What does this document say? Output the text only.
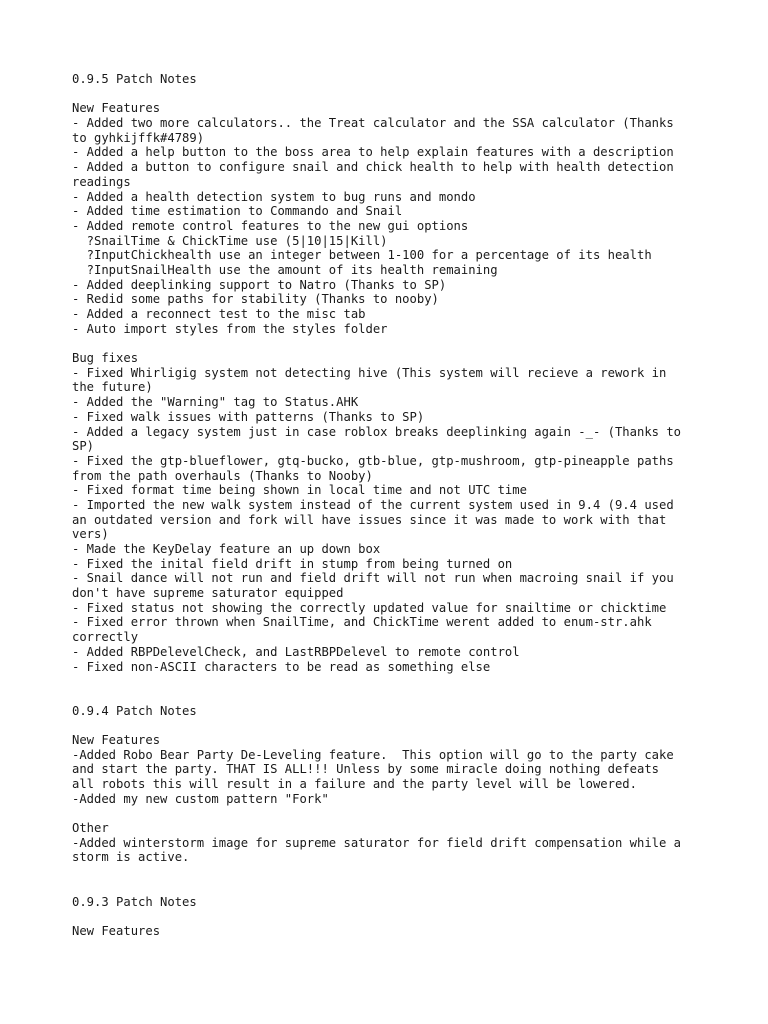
0.9.5 Patch Notes
New Features
- Added two more calculators.. the Treat calculator and the SSA calculator (Thanks
to gyhkijffk#4789)
- Added a help button to the boss area to help explain features with a description
- Added a button to configure snail and chick health to help with health detection
readings
- Added a health detection system to bug runs and mondo
- Added time estimation to Commando and Snail
- Added remote control features to the new gui options
?SnailTime & ChickTime use (5|10|15|Kill)
?InputChickhealth use an integer between 1-100 for a percentage of its health
?InputSnailHealth use the amount of its health remaining
- Added deeplinking support to Natro (Thanks to SP)
- Redid some paths for stability (Thanks to nooby)
- Added a reconnect test to the misc tab
- Auto import styles from the styles folder
Bug fixes
- Fixed Whirligig system not detecting hive (This system will recieve a rework in
the future)
- Added the "Warning" tag to Status.AHK
- Fixed walk issues with patterns (Thanks to SP)
- Added a legacy system just in case roblox breaks deeplinking again -_- (Thanks to
SP)
- Fixed the gtp-blueflower, gtq-bucko, gtb-blue, gtp-mushroom, gtp-pineapple paths
from the path overhauls (Thanks to Nooby)
- Fixed format time being shown in local time and not UTC time
- Imported the new walk system instead of the current system used in 9.4 (9.4 used
an outdated version and fork will have issues since it was made to work with that
vers)
- Made the KeyDelay feature an up down box
- Fixed the inital field drift in stump from being turned on
- Snail dance will not run and field drift will not run when macroing snail if you
don't have supreme saturator equipped
- Fixed status not showing the correctly updated value for snailtime or chicktime
- Fixed error thrown when SnailTime, and ChickTime werent added to enum-str.ahk
correctly
- Added RBPDelevelCheck, and LastRBPDelevel to remote control
- Fixed non-ASCII characters to be read as something else
0.9.4 Patch Notes
New Features
-Added Robo Bear Party De-Leveling feature.  This option will go to the party cake
and start the party. THAT IS ALL!!! Unless by some miracle doing nothing defeats
all robots this will result in a failure and the party level will be lowered.
-Added my new custom pattern "Fork"
Other
-Added winterstorm image for supreme saturator for field drift compensation while a
storm is active.
0.9.3 Patch Notes
New Features
